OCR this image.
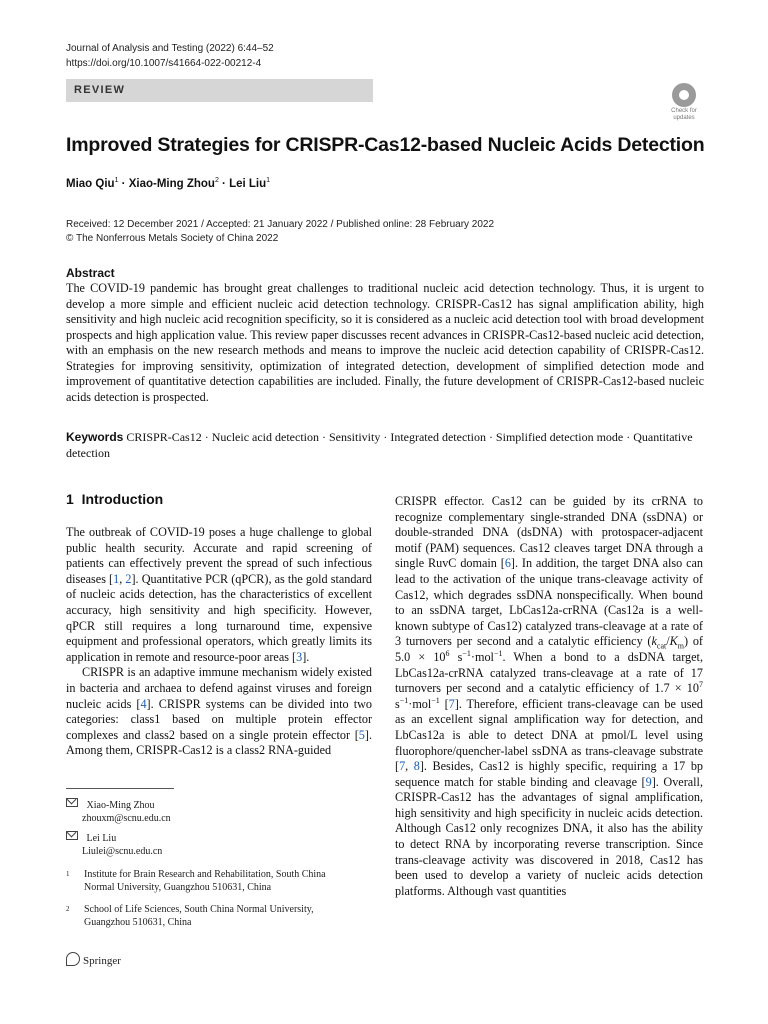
Journal of Analysis and Testing (2022) 6:44–52
https://doi.org/10.1007/s41664-022-00212-4
REVIEW
Check for
updates
Improved Strategies for CRISPR-Cas12-based Nucleic Acids Detection
Miao Qiu$^1$ · Xiao-Ming Zhou$^2$ · Lei Liu$^1$
Received: 12 December 2021 / Accepted: 21 January 2022 / Published online: 28 February 2022
© The Nonferrous Metals Society of China 2022
Abstract
The COVID-19 pandemic has brought great challenges to traditional nucleic acid detection technology. Thus, it is urgent to develop a more simple and efficient nucleic acid detection technology. CRISPR-Cas12 has signal amplification ability, high sensitivity and high nucleic acid recognition specificity, so it is considered as a nucleic acid detection tool with broad development prospects and high application value. This review paper discusses recent advances in CRISPR-Cas12-based nucleic acid detection, with an emphasis on the new research methods and means to improve the nucleic acid detection capability of CRISPR-Cas12. Strategies for improving sensitivity, optimization of integrated detection, development of simplified detection mode and improvement of quantitative detection capabilities are included. Finally, the future development of CRISPR-Cas12-based nucleic acids detection is prospected.
Keywords CRISPR-Cas12 · Nucleic acid detection · Sensitivity · Integrated detection · Simplified detection mode · Quantitative detection
1 Introduction

The outbreak of COVID-19 poses a huge challenge to global public health security. Accurate and rapid screening of patients can effectively prevent the spread of such infectious diseases [1, 2]. Quantitative PCR (qPCR), as the gold standard of nucleic acids detection, has the characteristics of excellent accuracy, high sensitivity and high specificity. However, qPCR still requires a long turnaround time, expensive equipment and professional operators, which greatly limits its application in remote and resource-poor areas [3].

CRISPR is an adaptive immune mechanism widely existed in bacteria and archaea to defend against viruses and foreign nucleic acids [4]. CRISPR systems can be divided into two categories: class1 based on multiple protein effector complexes and class2 based on a single protein effector [5]. Among them, CRISPR-Cas12 is a class2 RNA-guided

CRISPR effector. Cas12 can be guided by its crRNA to recognize complementary single-stranded DNA (ssDNA) or double-stranded DNA (dsDNA) with protospacer-adjacent motif (PAM) sequences. Cas12 cleaves target DNA through a single RuvC domain [6]. In addition, the target DNA also can lead to the activation of the unique trans-cleavage activity of Cas12, which degrades ssDNA nonspecifically. When bound to an ssDNA target, LbCas12a-crRNA (Cas12a is a well-known subtype of Cas12) catalyzed trans-cleavage at a rate of 3 turnovers per second and a catalytic efficiency $(k_{cat}/K_m)$ of $5.0 \times 10^6$ $s^{-1}\cdot mol^{-1}$. When a bond to a dsDNA target, LbCas12a-crRNA catalyzed trans-cleavage at a rate of 17 turnovers per second and a catalytic efficiency of $1.7 \times 10^7$ $s^{-1}\cdot mol^{-1}$ [7]. Therefore, efficient trans-cleavage can be used as an excellent signal amplification way for detection, and LbCas12a is able to detect DNA at pmol/L level using fluorophore/quencher-label ssDNA as trans-cleavage substrate [7, 8]. Besides, Cas12 is highly specific, requiring a 17 bp sequence match for stable binding and cleavage [9]. Overall, CRISPR-Cas12 has the advantages of signal amplification, high sensitivity and high specificity in nucleic acids detection. Although Cas12 only recognizes DNA, it also has the ability to detect RNA by incorporating reverse transcription. Since trans-cleavage activity was discovered in 2018, Cas12 has been used to develop a variety of nucleic acids detection platforms. Although vast quantities

Xiao-Ming Zhou
zhouxm@scnu.edu.cn
Lei Liu
Liulei@scnu.edu.cn
1 Institute for Brain Research and Rehabilitation, South China
Normal University, Guangzhou 510631, China
2 School of Life Sciences, South China Normal University,
Guangzhou 510631, China
Springer
